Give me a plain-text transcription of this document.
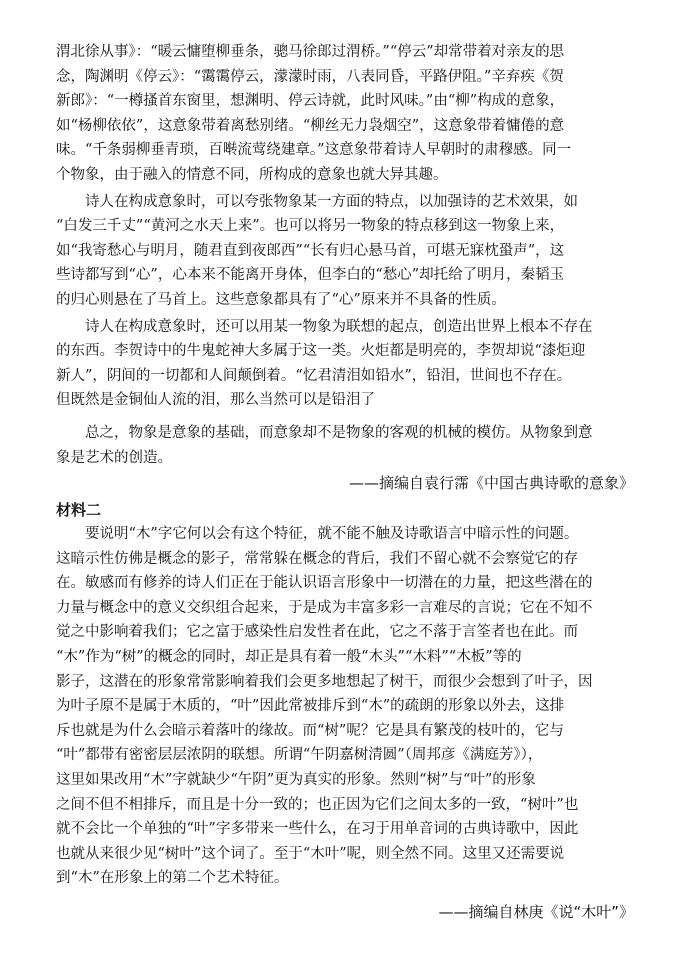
渭北徐从事》：“暖云慵堕柳垂条，骢马徐郎过渭桥。”“停云”却常带着对亲友的思
念，陶渊明《停云》：“霭霭停云，濛濛时雨，八表同昏，平路伊阻。”辛弃疾《贺
新郎》：“一樽搔首东窗里，想渊明、停云诗就，此时风味。”由“柳”构成的意象，
如“杨柳依依”，这意象带着离愁别绪。“柳丝无力袅烟空”，这意象带着慵倦的意
味。“千条弱柳垂青琐，百啭流莺绕建章。”这意象带着诗人早朝时的肃穆感。同一
个物象，由于融入的情意不同，所构成的意象也就大异其趣。
诗人在构成意象时，可以夸张物象某一方面的特点，以加强诗的艺术效果，如
“白发三千丈”“黄河之水天上来”。也可以将另一物象的特点移到这一物象上来，
如“我寄愁心与明月，随君直到夜郎西”“长有归心悬马首，可堪无寐枕蛩声”，这
些诗都写到“心”，心本来不能离开身体，但李白的“愁心”却托给了明月，秦韬玉
的归心则悬在了马首上。这些意象都具有了“心”原来并不具备的性质。
诗人在构成意象时，还可以用某一物象为联想的起点，创造出世界上根本不存在
的东西。李贺诗中的牛鬼蛇神大多属于这一类。火炬都是明亮的，李贺却说“漆炬迎
新人”，阴间的一切都和人间颠倒着。“忆君清泪如铅水”，铅泪，世间也不存在。
但既然是金铜仙人流的泪，那么当然可以是铅泪了
总之，物象是意象的基础，而意象却不是物象的客观的机械的模仿。从物象到意
象是艺术的创造。
——摘编自袁行霈《中国古典诗歌的意象》
材料二
要说明“木”字它何以会有这个特征，就不能不触及诗歌语言中暗示性的问题。
这暗示性仿佛是概念的影子，常常躲在概念的背后，我们不留心就不会察觉它的存
在。敏感而有修养的诗人们正在于能认识语言形象中一切潜在的力量，把这些潜在的
力量与概念中的意义交织组合起来，于是成为丰富多彩一言难尽的言说；它在不知不
觉之中影响着我们；它之富于感染性启发性者在此，它之不落于言筌者也在此。而
“木”作为“树”的概念的同时，却正是具有着一般“木头”“木料”“木板”等的
影子，这潜在的形象常常影响着我们会更多地想起了树干，而很少会想到了叶子，因
为叶子原不是属于木质的，“叶”因此常被排斥到“木”的疏朗的形象以外去，这排
斥也就是为什么会暗示着落叶的缘故。而“树”呢？它是具有繁茂的枝叶的，它与
“叶”都带有密密层层浓阴的联想。所谓“午阴嘉树清圆”（周邦彦《满庭芳》），
这里如果改用“木”字就缺少“午阴”更为真实的形象。然则“树”与“叶”的形象
之间不但不相排斥，而且是十分一致的；也正因为它们之间太多的一致，“树叶”也
就不会比一个单独的“叶”字多带来一些什么，在习于用单音词的古典诗歌中，因此
也就从来很少见“树叶”这个词了。至于“木叶”呢，则全然不同。这里又还需要说
到“木”在形象上的第二个艺术特征。
——摘编自林庚《说“木叶”》
